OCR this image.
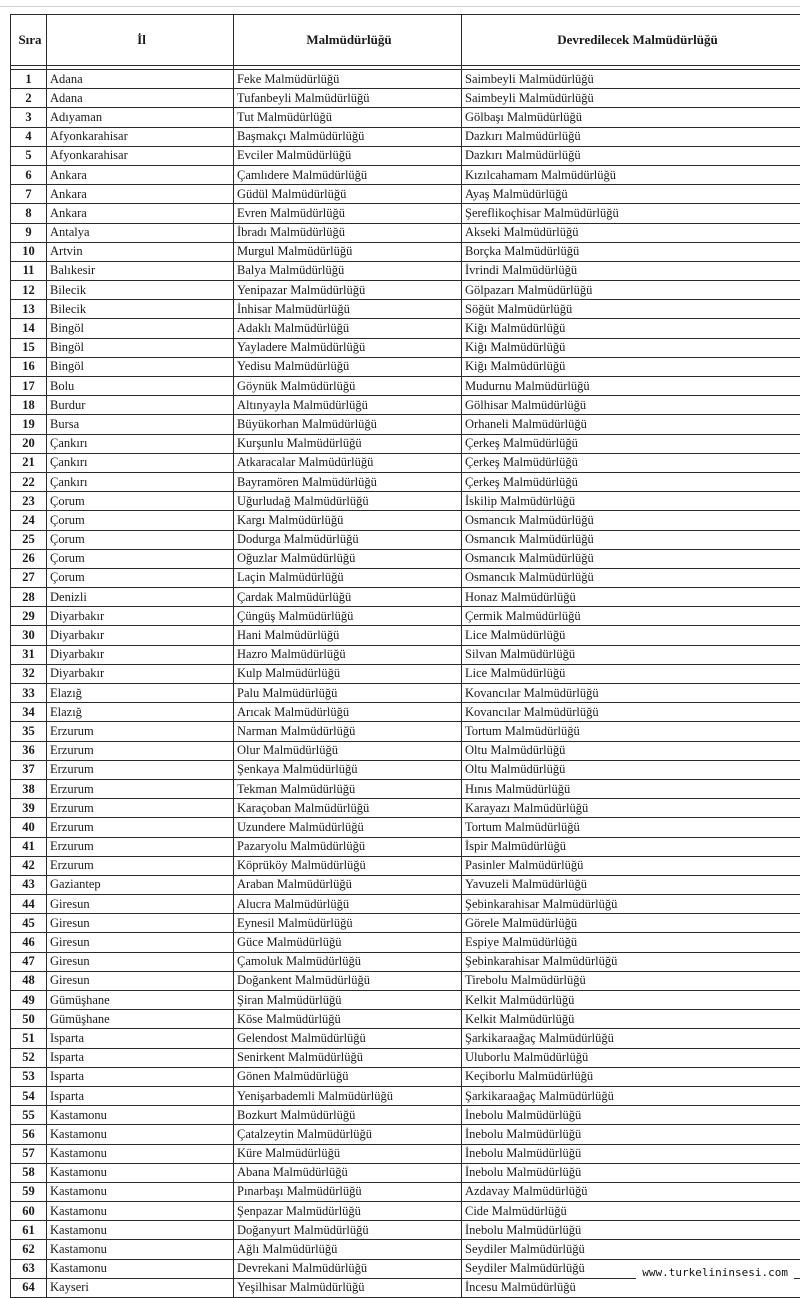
Sıra	İl	Malmüdürlüğü	Devredilecek Malmüdürlüğü

1	Adana	Feke Malmüdürlüğü	Saimbeyli Malmüdürlüğü
2	Adana	Tufanbeyli Malmüdürlüğü	Saimbeyli Malmüdürlüğü
3	Adıyaman	Tut Malmüdürlüğü	Gölbaşı Malmüdürlüğü
4	Afyonkarahisar	Başmakçı Malmüdürlüğü	Dazkırı Malmüdürlüğü
5	Afyonkarahisar	Evciler Malmüdürlüğü	Dazkırı Malmüdürlüğü
6	Ankara	Çamlıdere Malmüdürlüğü	Kızılcahamam Malmüdürlüğü
7	Ankara	Güdül Malmüdürlüğü	Ayaş Malmüdürlüğü
8	Ankara	Evren Malmüdürlüğü	Şereflikoçhisar Malmüdürlüğü
9	Antalya	İbradı Malmüdürlüğü	Akseki Malmüdürlüğü
10	Artvin	Murgul Malmüdürlüğü	Borçka Malmüdürlüğü
11	Balıkesir	Balya Malmüdürlüğü	İvrindi Malmüdürlüğü
12	Bilecik	Yenipazar Malmüdürlüğü	Gölpazarı Malmüdürlüğü
13	Bilecik	İnhisar Malmüdürlüğü	Söğüt Malmüdürlüğü
14	Bingöl	Adaklı Malmüdürlüğü	Kiğı Malmüdürlüğü
15	Bingöl	Yayladere Malmüdürlüğü	Kiğı Malmüdürlüğü
16	Bingöl	Yedisu Malmüdürlüğü	Kiğı Malmüdürlüğü
17	Bolu	Göynük Malmüdürlüğü	Mudurnu Malmüdürlüğü
18	Burdur	Altınyayla Malmüdürlüğü	Gölhisar Malmüdürlüğü
19	Bursa	Büyükorhan Malmüdürlüğü	Orhaneli Malmüdürlüğü
20	Çankırı	Kurşunlu Malmüdürlüğü	Çerkeş Malmüdürlüğü
21	Çankırı	Atkaracalar Malmüdürlüğü	Çerkeş Malmüdürlüğü
22	Çankırı	Bayramören Malmüdürlüğü	Çerkeş Malmüdürlüğü
23	Çorum	Uğurludağ Malmüdürlüğü	İskilip Malmüdürlüğü
24	Çorum	Kargı Malmüdürlüğü	Osmancık Malmüdürlüğü
25	Çorum	Dodurga Malmüdürlüğü	Osmancık Malmüdürlüğü
26	Çorum	Oğuzlar Malmüdürlüğü	Osmancık Malmüdürlüğü
27	Çorum	Laçin Malmüdürlüğü	Osmancık Malmüdürlüğü
28	Denizli	Çardak Malmüdürlüğü	Honaz Malmüdürlüğü
29	Diyarbakır	Çüngüş Malmüdürlüğü	Çermik Malmüdürlüğü
30	Diyarbakır	Hani Malmüdürlüğü	Lice Malmüdürlüğü
31	Diyarbakır	Hazro Malmüdürlüğü	Silvan Malmüdürlüğü
32	Diyarbakır	Kulp Malmüdürlüğü	Lice Malmüdürlüğü
33	Elazığ	Palu Malmüdürlüğü	Kovancılar Malmüdürlüğü
34	Elazığ	Arıcak Malmüdürlüğü	Kovancılar Malmüdürlüğü
35	Erzurum	Narman Malmüdürlüğü	Tortum Malmüdürlüğü
36	Erzurum	Olur Malmüdürlüğü	Oltu Malmüdürlüğü
37	Erzurum	Şenkaya Malmüdürlüğü	Oltu Malmüdürlüğü
38	Erzurum	Tekman Malmüdürlüğü	Hınıs Malmüdürlüğü
39	Erzurum	Karaçoban Malmüdürlüğü	Karayazı Malmüdürlüğü
40	Erzurum	Uzundere Malmüdürlüğü	Tortum Malmüdürlüğü
41	Erzurum	Pazaryolu Malmüdürlüğü	İspir Malmüdürlüğü
42	Erzurum	Köprüköy Malmüdürlüğü	Pasinler Malmüdürlüğü
43	Gaziantep	Araban Malmüdürlüğü	Yavuzeli Malmüdürlüğü
44	Giresun	Alucra Malmüdürlüğü	Şebinkarahisar Malmüdürlüğü
45	Giresun	Eynesil Malmüdürlüğü	Görele Malmüdürlüğü
46	Giresun	Güce Malmüdürlüğü	Espiye Malmüdürlüğü
47	Giresun	Çamoluk Malmüdürlüğü	Şebinkarahisar Malmüdürlüğü
48	Giresun	Doğankent Malmüdürlüğü	Tirebolu Malmüdürlüğü
49	Gümüşhane	Şiran Malmüdürlüğü	Kelkit Malmüdürlüğü
50	Gümüşhane	Köse Malmüdürlüğü	Kelkit Malmüdürlüğü
51	Isparta	Gelendost Malmüdürlüğü	Şarkikaraağaç Malmüdürlüğü
52	Isparta	Senirkent Malmüdürlüğü	Uluborlu Malmüdürlüğü
53	Isparta	Gönen Malmüdürlüğü	Keçiborlu Malmüdürlüğü
54	Isparta	Yenişarbademli Malmüdürlüğü	Şarkikaraağaç Malmüdürlüğü
55	Kastamonu	Bozkurt Malmüdürlüğü	İnebolu Malmüdürlüğü
56	Kastamonu	Çatalzeytin Malmüdürlüğü	İnebolu Malmüdürlüğü
57	Kastamonu	Küre Malmüdürlüğü	İnebolu Malmüdürlüğü
58	Kastamonu	Abana Malmüdürlüğü	İnebolu Malmüdürlüğü
59	Kastamonu	Pınarbaşı Malmüdürlüğü	Azdavay Malmüdürlüğü
60	Kastamonu	Şenpazar Malmüdürlüğü	Cide Malmüdürlüğü
61	Kastamonu	Doğanyurt Malmüdürlüğü	İnebolu Malmüdürlüğü
62	Kastamonu	Ağlı Malmüdürlüğü	Seydiler Malmüdürlüğü
63	Kastamonu	Devrekani Malmüdürlüğü	Seydiler Malmüdürlüğü
64	Kayseri	Yeşilhisar Malmüdürlüğü	İncesu Malmüdürlüğü
www.turkelininsesi.com
